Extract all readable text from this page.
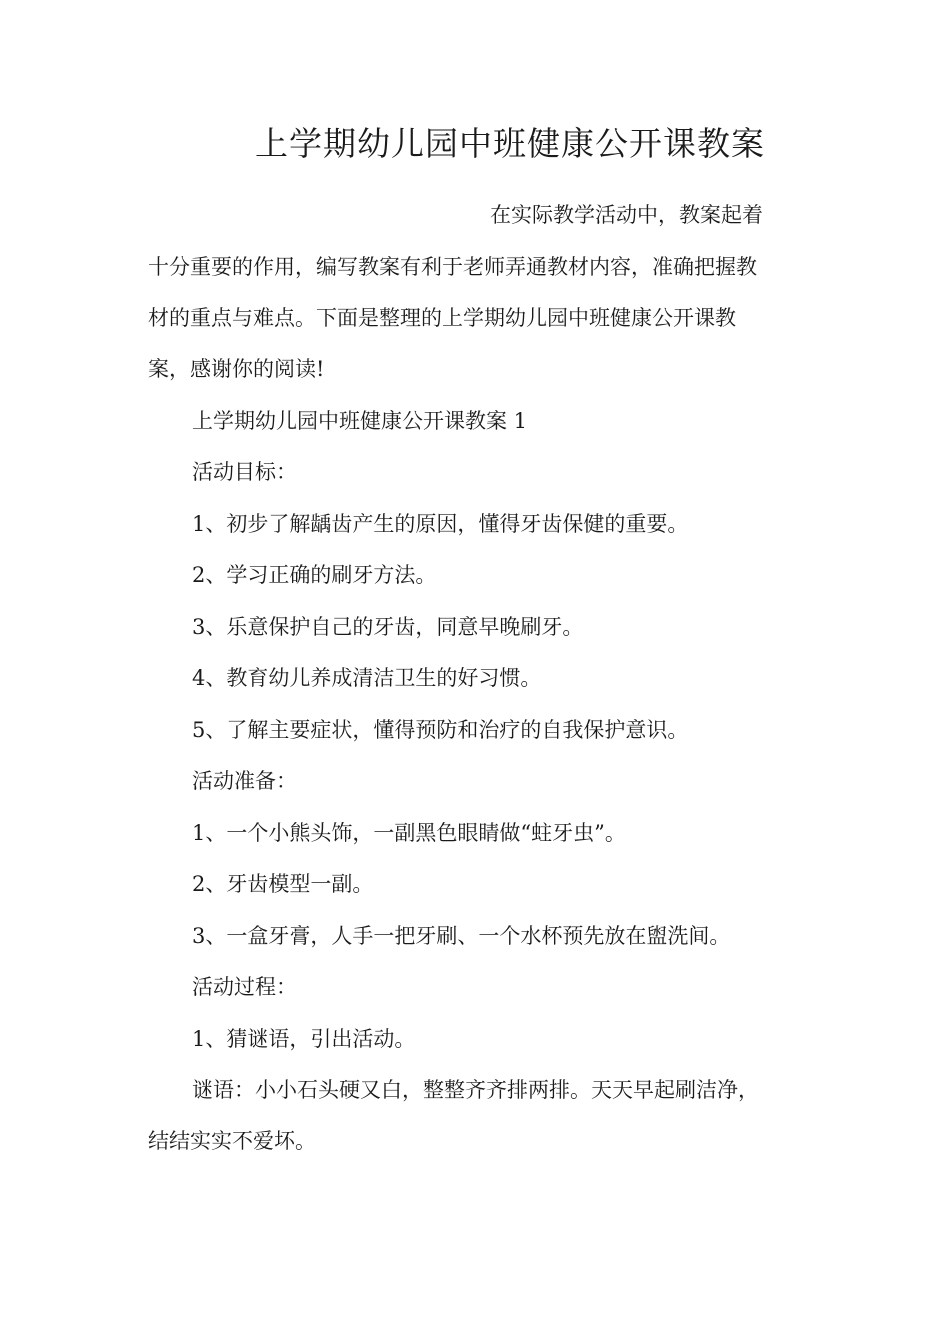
上学期幼儿园中班健康公开课教案
在实际教学活动中，教案起着
十分重要的作用，编写教案有利于老师弄通教材内容，准确把握教
材的重点与难点。下面是整理的上学期幼儿园中班健康公开课教
案，感谢你的阅读!
上学期幼儿园中班健康公开课教案 1
活动目标：
1、初步了解龋齿产生的原因，懂得牙齿保健的重要。
2、学习正确的刷牙方法。
3、乐意保护自己的牙齿，同意早晚刷牙。
4、教育幼儿养成清洁卫生的好习惯。
5、了解主要症状，懂得预防和治疗的自我保护意识。
活动准备：
1、一个小熊头饰，一副黑色眼睛做“蛀牙虫”。
2、牙齿模型一副。
3、一盒牙膏，人手一把牙刷、一个水杯预先放在盥洗间。
活动过程：
1、猜谜语，引出活动。
谜语：小小石头硬又白，整整齐齐排两排。天天早起刷洁净，
结结实实不爱坏。
